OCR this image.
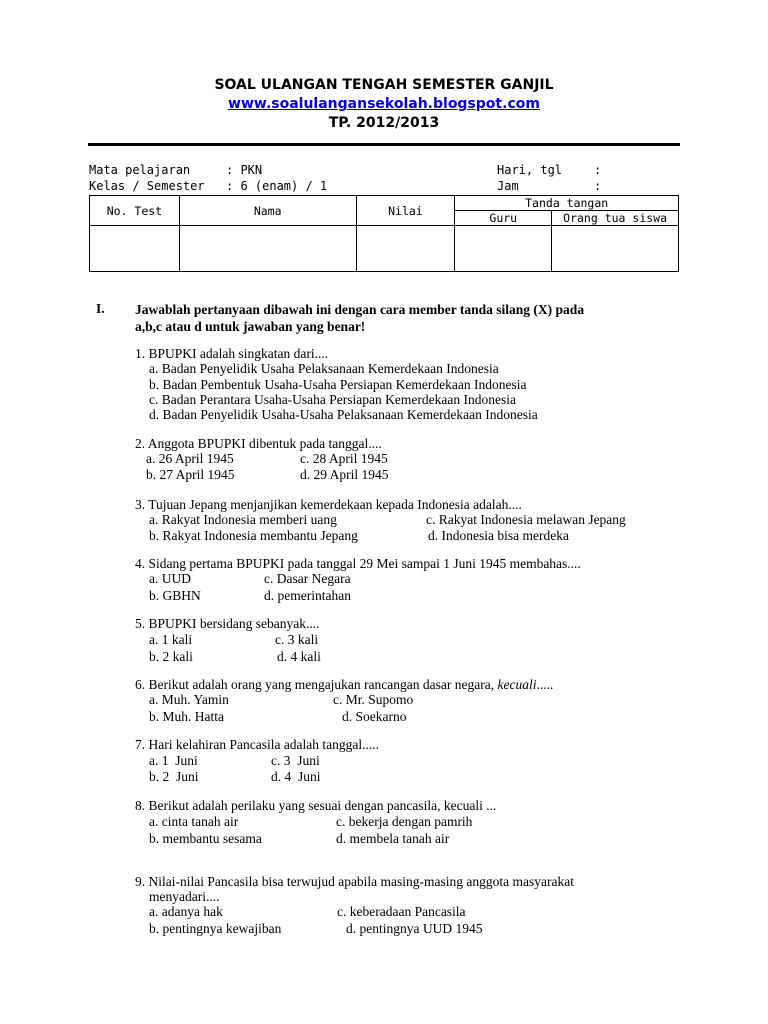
SOAL ULANGAN TENGAH SEMESTER GANJIL
www.soalulangansekolah.blogspot.com
TP. 2012/2013
Mata pelajaran	: PKN	Hari, tgl	:
Kelas / Semester : 6 (enam) / 1	Jam	:
No. Test	Nama	Nilai	Tanda tangan	
			Guru	Orang tua siswa

I. Jawablah pertanyaan dibawah ini dengan cara member tanda silang (X) pada
a,b,c atau d untuk jawaban yang benar!
1. BPUPKI adalah singkatan dari....
a. Badan Penyelidik Usaha Pelaksanaan Kemerdekaan Indonesia
b. Badan Pembentuk Usaha-Usaha Persiapan Kemerdekaan Indonesia
c. Badan Perantara Usaha-Usaha Persiapan Kemerdekaan Indonesia
d. Badan Penyelidik Usaha-Usaha Pelaksanaan Kemerdekaan Indonesia
2. Anggota BPUPKI dibentuk pada tanggal....
a. 26 April 1945	c. 28 April 1945
b. 27 April 1945	d. 29 April 1945
3. Tujuan Jepang menjanjikan kemerdekaan kepada Indonesia adalah....
a. Rakyat Indonesia memberi uang	c. Rakyat Indonesia melawan Jepang
b. Rakyat Indonesia membantu Jepang	d. Indonesia bisa merdeka
4. Sidang pertama BPUPKI pada tanggal 29 Mei sampai 1 Juni 1945 membahas....
a. UUD	c. Dasar Negara
b. GBHN	d. pemerintahan
5. BPUPKI bersidang sebanyak....
a. 1 kali	c. 3 kali
b. 2 kali	d. 4 kali
6. Berikut adalah orang yang mengajukan rancangan dasar negara, kecuali.....
a. Muh. Yamin	c. Mr. Supomo
b. Muh. Hatta	d. Soekarno
7. Hari kelahiran Pancasila adalah tanggal.....
a. 1  Juni	c. 3  Juni
b. 2  Juni	d. 4  Juni
8. Berikut adalah perilaku yang sesuai dengan pancasila, kecuali ...
a. cinta tanah air	c. bekerja dengan pamrih
b. membantu sesama	d. membela tanah air
9. Nilai-nilai Pancasila bisa terwujud apabila masing-masing anggota masyarakat
menyadari....
a. adanya hak	c. keberadaan Pancasila
b. pentingnya kewajiban	d. pentingnya UUD 1945
